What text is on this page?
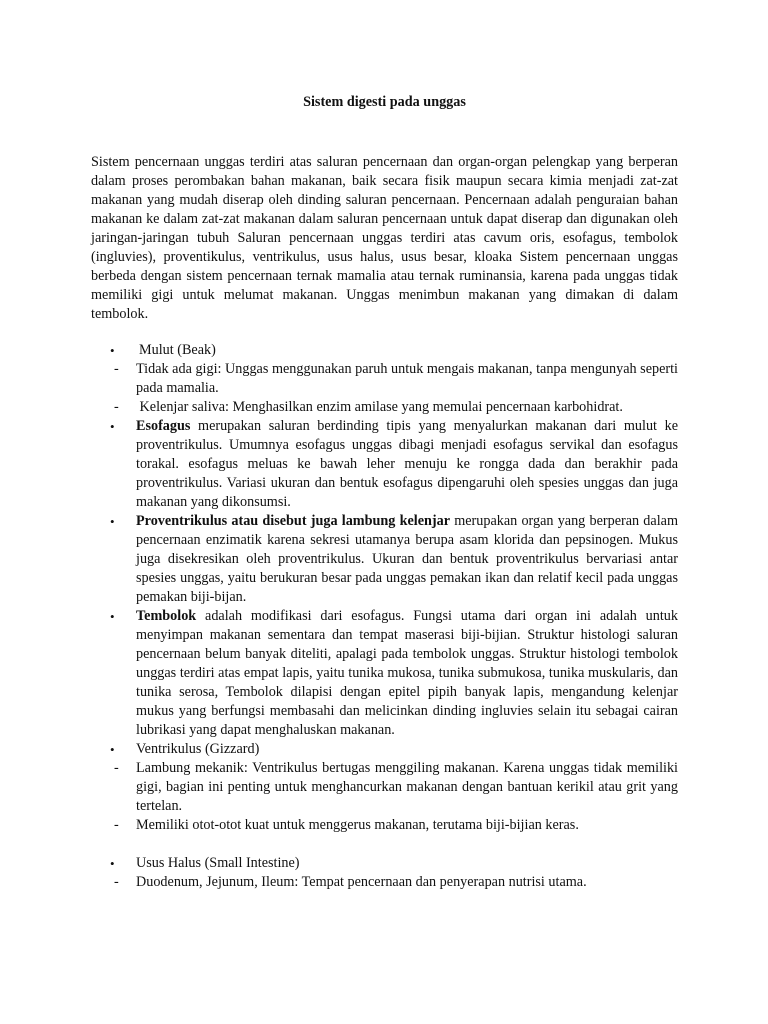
Sistem digesti pada unggas

Sistem pencernaan unggas terdiri atas saluran pencernaan dan organ-organ pelengkap yang berperan dalam proses perombakan bahan makanan, baik secara fisik maupun secara kimia menjadi zat-zat makanan yang mudah diserap oleh dinding saluran pencernaan. Pencernaan adalah penguraian bahan makanan ke dalam zat-zat makanan dalam saluran pencernaan untuk dapat diserap dan digunakan oleh jaringan-jaringan tubuh Saluran pencernaan unggas terdiri atas cavum oris, esofagus, tembolok (ingluvies), proventikulus, ventrikulus, usus halus, usus besar, kloaka Sistem pencernaan unggas berbeda dengan sistem pencernaan ternak mamalia atau ternak ruminansia, karena pada unggas tidak memiliki gigi untuk melumat makanan. Unggas menimbun makanan yang dimakan di dalam tembolok.

• Mulut (Beak)
- Tidak ada gigi: Unggas menggunakan paruh untuk mengais makanan, tanpa mengunyah seperti pada mamalia.
- Kelenjar saliva: Menghasilkan enzim amilase yang memulai pencernaan karbohidrat.
• Esofagus merupakan saluran berdinding tipis yang menyalurkan makanan dari mulut ke proventrikulus. Umumnya esofagus unggas dibagi menjadi esofagus servikal dan esofagus torakal. esofagus meluas ke bawah leher menuju ke rongga dada dan berakhir pada proventrikulus. Variasi ukuran dan bentuk esofagus dipengaruhi oleh spesies unggas dan juga makanan yang dikonsumsi.
• Proventrikulus atau disebut juga lambung kelenjar merupakan organ yang berperan dalam pencernaan enzimatik karena sekresi utamanya berupa asam klorida dan pepsinogen. Mukus juga disekresikan oleh proventrikulus. Ukuran dan bentuk proventrikulus bervariasi antar spesies unggas, yaitu berukuran besar pada unggas pemakan ikan dan relatif kecil pada unggas pemakan biji-bijan.
• Tembolok adalah modifikasi dari esofagus. Fungsi utama dari organ ini adalah untuk menyimpan makanan sementara dan tempat maserasi biji-bijian. Struktur histologi saluran pencernaan belum banyak diteliti, apalagi pada tembolok unggas. Struktur histologi tembolok unggas terdiri atas empat lapis, yaitu tunika mukosa, tunika submukosa, tunika muskularis, dan tunika serosa, Tembolok dilapisi dengan epitel pipih banyak lapis, mengandung kelenjar mukus yang berfungsi membasahi dan melicinkan dinding ingluvies selain itu sebagai cairan lubrikasi yang dapat menghaluskan makanan.
• Ventrikulus (Gizzard)
- Lambung mekanik: Ventrikulus bertugas menggiling makanan. Karena unggas tidak memiliki gigi, bagian ini penting untuk menghancurkan makanan dengan bantuan kerikil atau grit yang tertelan.
- Memiliki otot-otot kuat untuk menggerus makanan, terutama biji-bijian keras.
• Usus Halus (Small Intestine)
- Duodenum, Jejunum, Ileum: Tempat pencernaan dan penyerapan nutrisi utama.
